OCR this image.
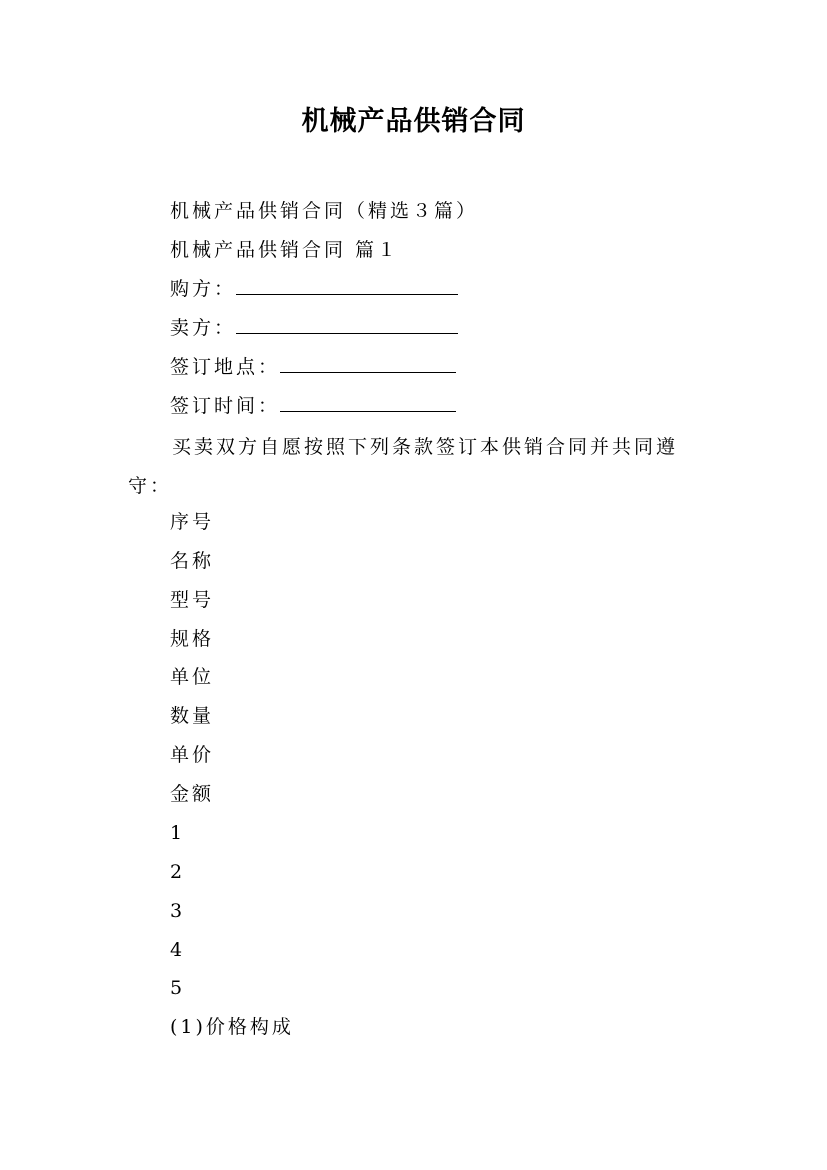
机械产品供销合同
机械产品供销合同（精选３篇）
机械产品供销合同 篇１
购方：
卖方：
签订地点：
签订时间：
买卖双方自愿按照下列条款签订本供销合同并共同遵守：
序号
名称
型号
规格
单位
数量
单价
金额
1
2
3
4
5
(1)价格构成
